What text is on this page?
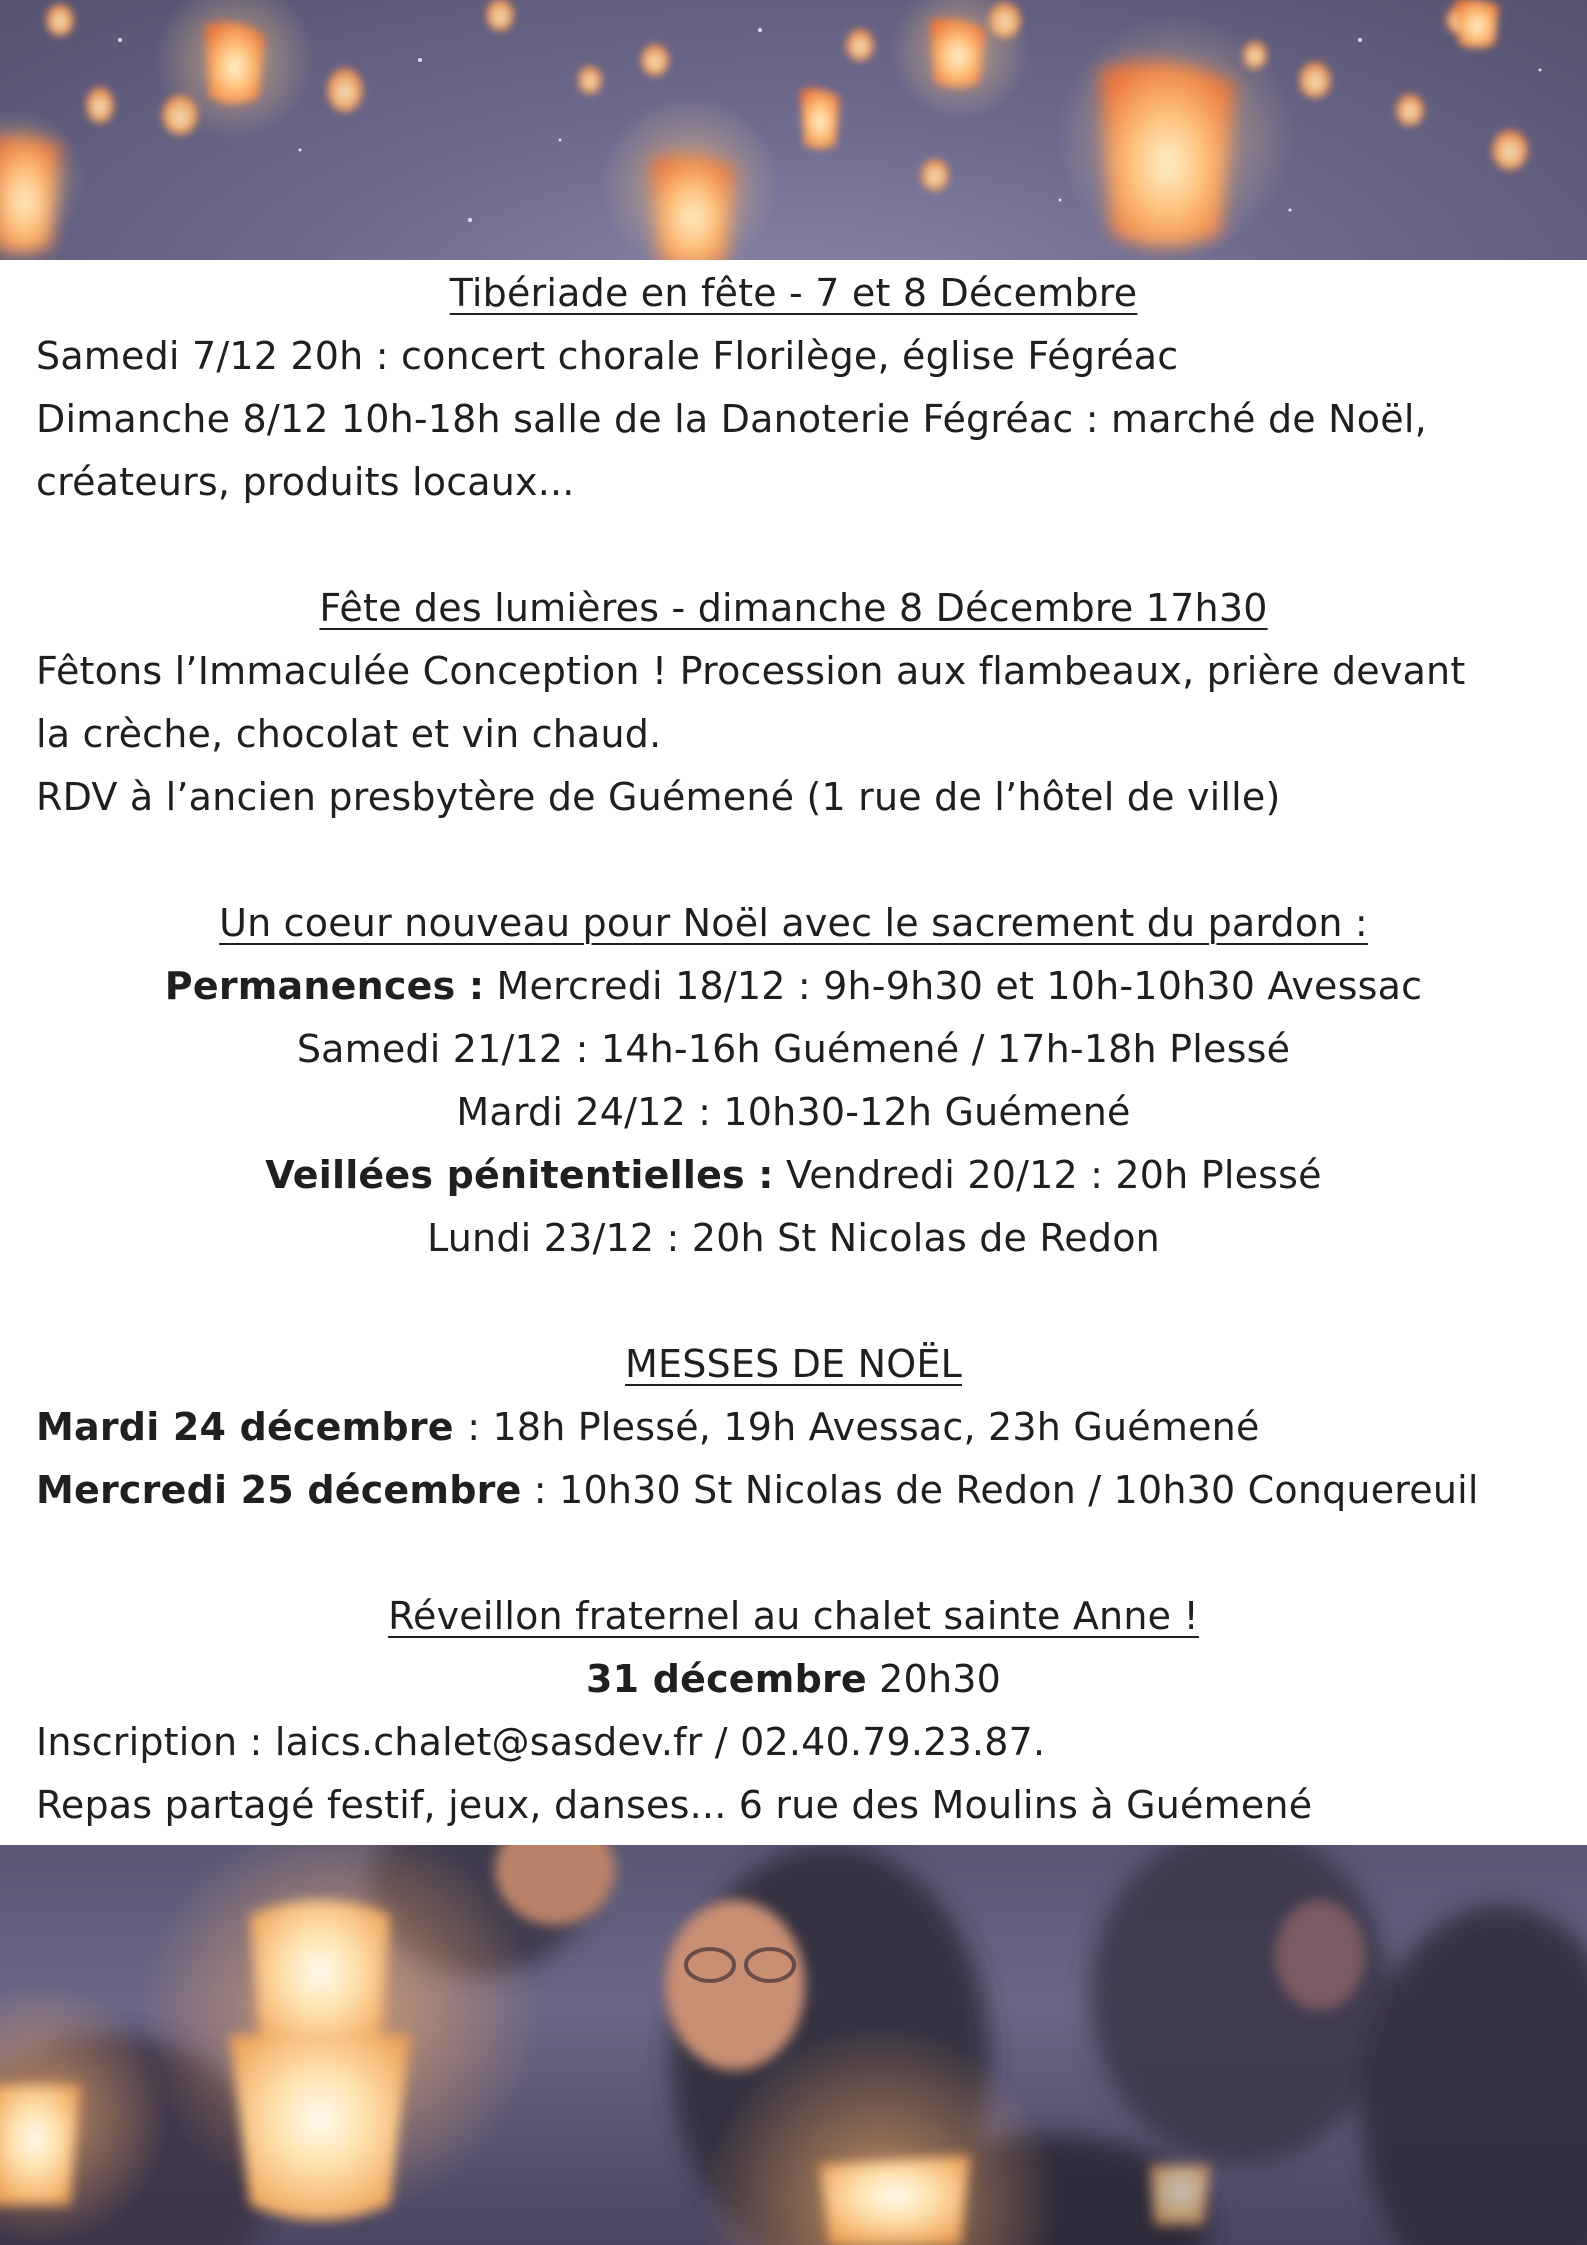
Tibériade en fête - 7 et 8 Décembre
Samedi 7/12 20h : concert chorale Florilège, église Fégréac
Dimanche 8/12 10h-18h salle de la Danoterie Fégréac : marché de Noël,
créateurs, produits locaux...
Fête des lumières - dimanche 8 Décembre 17h30
Fêtons l’Immaculée Conception ! Procession aux flambeaux, prière devant
la crèche, chocolat et vin chaud.
RDV à l’ancien presbytère de Guémené (1 rue de l’hôtel de ville)
Un coeur nouveau pour Noël avec le sacrement du pardon :
Permanences : Mercredi 18/12 : 9h-9h30 et 10h-10h30 Avessac
Samedi 21/12 : 14h-16h Guémené / 17h-18h Plessé
Mardi 24/12 : 10h30-12h Guémené
Veillées pénitentielles : Vendredi 20/12 : 20h Plessé
Lundi 23/12 : 20h St Nicolas de Redon
MESSES DE NOËL
Mardi 24 décembre : 18h Plessé, 19h Avessac, 23h Guémené
Mercredi 25 décembre : 10h30 St Nicolas de Redon / 10h30 Conquereuil
Réveillon fraternel au chalet sainte Anne !
31 décembre 20h30
Inscription : laics.chalet@sasdev.fr / 02.40.79.23.87.
Repas partagé festif, jeux, danses... 6 rue des Moulins à Guémené
